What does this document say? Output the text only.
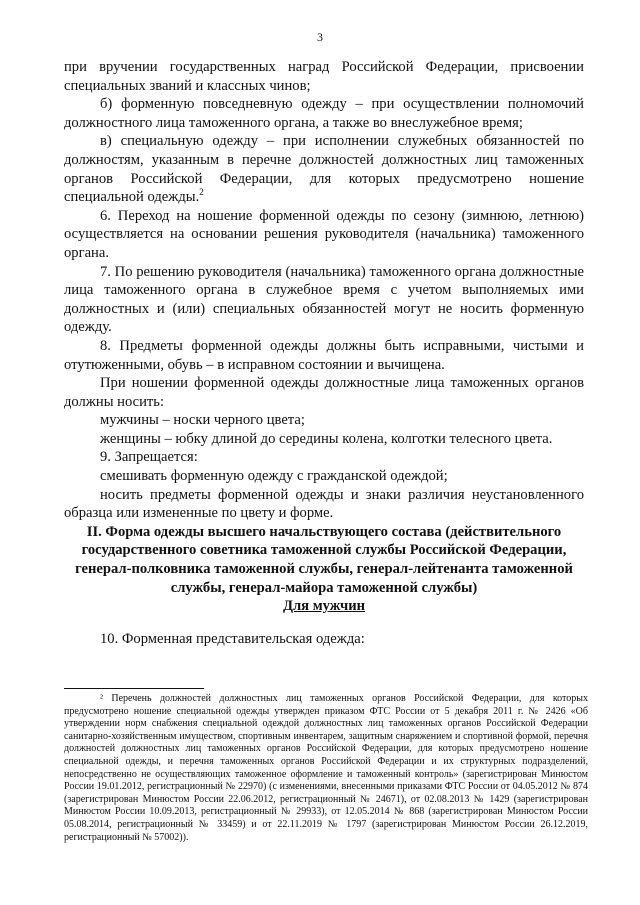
3

при вручении государственных наград Российской Федерации, присвоении специальных званий и классных чинов;

б) форменную повседневную одежду – при осуществлении полномочий должностного лица таможенного органа, а также во внеслужебное время;

в) специальную одежду – при исполнении служебных обязанностей по должностям, указанным в перечне должностей должностных лиц таможенных органов Российской Федерации, для которых предусмотрено ношение специальной одежды.$^2$

6. Переход на ношение форменной одежды по сезону (зимнюю, летнюю) осуществляется на основании решения руководителя (начальника) таможенного органа.

7. По решению руководителя (начальника) таможенного органа должностные лица таможенного органа в служебное время с учетом выполняемых ими должностных и (или) специальных обязанностей могут не носить форменную одежду.

8. Предметы форменной одежды должны быть исправными, чистыми и отутюженными, обувь – в исправном состоянии и вычищена.

При ношении форменной одежды должностные лица таможенных органов должны носить:

мужчины – носки черного цвета;

женщины – юбку длиной до середины колена, колготки телесного цвета.

9. Запрещается:

смешивать форменную одежду с гражданской одеждой;

носить предметы форменной одежды и знаки различия неустановленного образца или измененные по цвету и форме.

II. Форма одежды высшего начальствующего состава (действительного государственного советника таможенной службы Российской Федерации, генерал-полковника таможенной службы, генерал-лейтенанта таможенной службы, генерал-майора таможенной службы)

Для мужчин

10. Форменная представительская одежда:

² Перечень должностей должностных лиц таможенных органов Российской Федерации, для которых предусмотрено ношение специальной одежды утвержден приказом ФТС России от 5 декабря 2011 г. № 2426 «Об утверждении норм снабжения специальной одеждой должностных лиц таможенных органов Российской Федерации санитарно-хозяйственным имуществом, спортивным инвентарем, защитным снаряжением и спортивной формой, перечня должностей должностных лиц таможенных органов Российской Федерации, для которых предусмотрено ношение специальной одежды, и перечня таможенных органов Российской Федерации и их структурных подразделений, непосредственно не осуществляющих таможенное оформление и таможенный контроль» (зарегистрирован Минюстом России 19.01.2012, регистрационный № 22970) (с изменениями, внесенными приказами ФТС России от 04.05.2012 № 874 (зарегистрирован Минюстом России 22.06.2012, регистрационный № 24671), от 02.08.2013 № 1429 (зарегистрирован Минюстом России 10.09.2013, регистрационный № 29933), от 12.05.2014 № 868 (зарегистрирован Минюстом России 05.08.2014, регистрационный № 33459) и от 22.11.2019 № 1797 (зарегистрирован Минюстом России 26.12.2019, регистрационный № 57002)).
